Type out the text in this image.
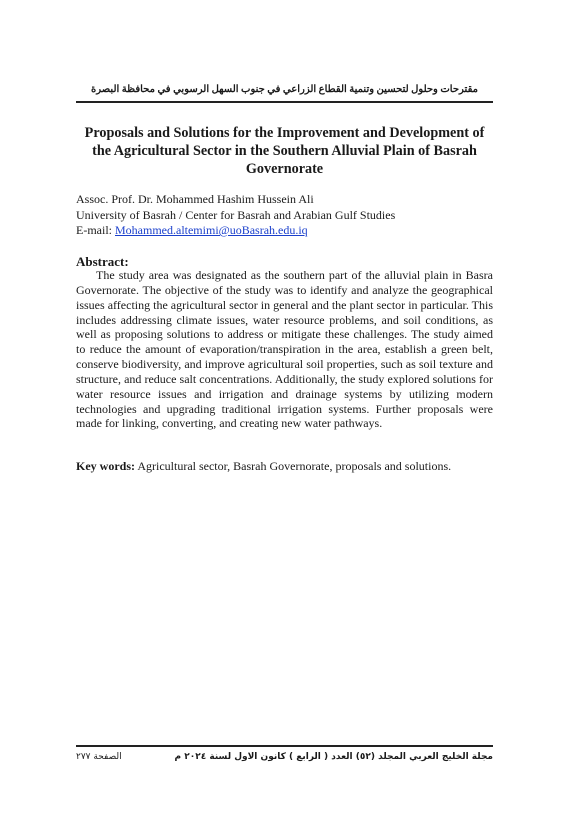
مقترحات وحلول لتحسين وتنمية القطاع الزراعي في جنوب السهل الرسوبي في محافظة البصرة
Proposals and Solutions for the Improvement and Development of the Agricultural Sector in the Southern Alluvial Plain of Basrah Governorate
Assoc. Prof. Dr. Mohammed Hashim Hussein Ali
University of Basrah / Center for Basrah and Arabian Gulf Studies
E-mail: Mohammed.altemimi@uoBasrah.edu.iq
Abstract:

The study area was designated as the southern part of the alluvial plain in Basra Governorate. The objective of the study was to identify and analyze the geographical issues affecting the agricultural sector in general and the plant sector in particular. This includes addressing climate issues, water resource problems, and soil conditions, as well as proposing solutions to address or mitigate these challenges. The study aimed to reduce the amount of evaporation/transpiration in the area, establish a green belt, conserve biodiversity, and improve agricultural soil properties, such as soil texture and structure, and reduce salt concentrations. Additionally, the study explored solutions for water resource issues and irrigation and drainage systems by utilizing modern technologies and upgrading traditional irrigation systems. Further proposals were made for linking, converting, and creating new water pathways.

Key words: Agricultural sector, Basrah Governorate, proposals and solutions.
مجلة الخليج العربي المجلد (٥٢) العدد ( الرابع ) كانون الاول لسنة ٢٠٢٤ م
الصفحة ٢٧٧
